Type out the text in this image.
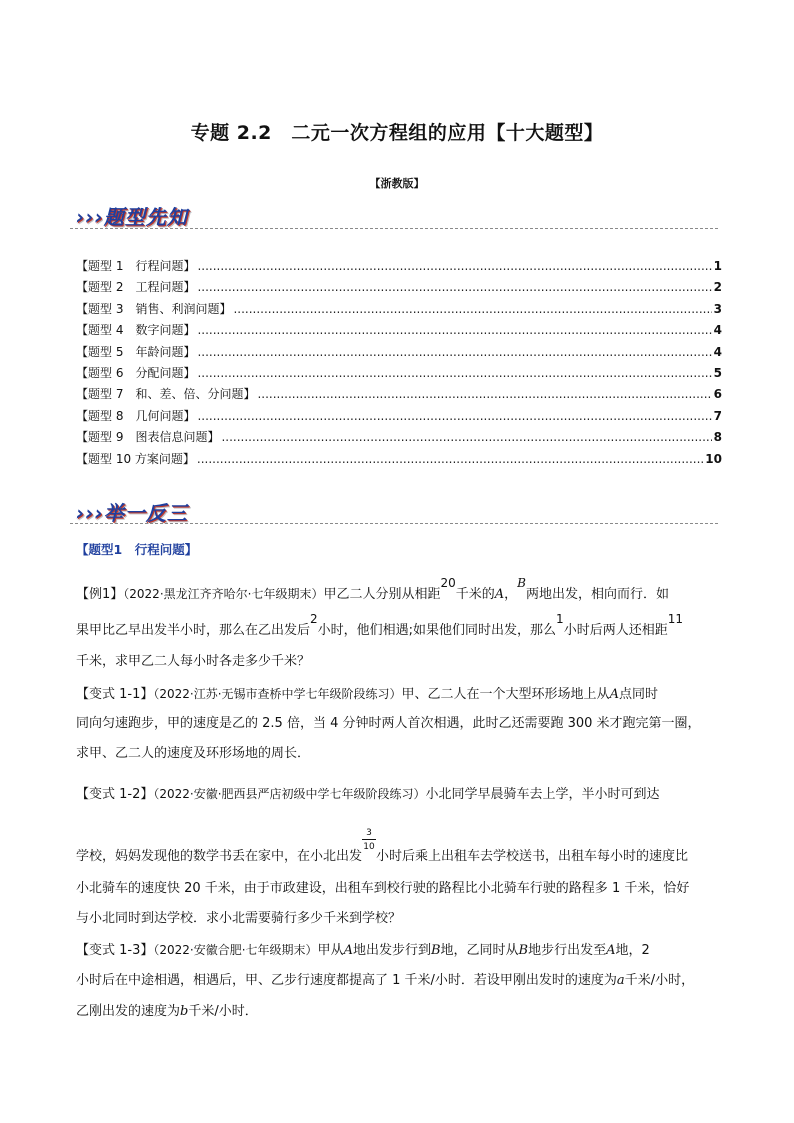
专题 2.2　二元一次方程组的应用【十大题型】
【浙教版】
›››题型先知
【题型 1　行程问题】 .....	1
【题型 2　工程问题】 .....	2
【题型 3　销售、利润问题】 .....	3
【题型 4　数字问题】 .....	4
【题型 5　年龄问题】 .....	4
【题型 6　分配问题】 .....	5
【题型 7　和、差、倍、分问题】 .....	6
【题型 8　几何问题】 .....	7
【题型 9　图表信息问题】 .....	8
【题型 10 方案问题】 .....	10
›››举一反三
【题型1　行程问题】
【例1】（2022·黑龙江齐齐哈尔·七年级期末）甲乙二人分别从相距20千米的A，B两地出发，相向而行．如
果甲比乙早出发半小时，那么在乙出发后2小时，他们相遇;如果他们同时出发，那么1小时后两人还相距11
千米，求甲乙二人每小时各走多少千米？
【变式 1-1】（2022·江苏·无锡市查桥中学七年级阶段练习）甲、乙二人在一个大型环形场地上从A点同时
同向匀速跑步，甲的速度是乙的 2.5 倍，当 4 分钟时两人首次相遇，此时乙还需要跑 300 米才跑完第一圈，
求甲、乙二人的速度及环形场地的周长．
【变式 1-2】（2022·安徽·肥西县严店初级中学七年级阶段练习）小北同学早晨骑车去上学，半小时可到达
学校，妈妈发现他的数学书丢在家中，在小北出发
$\frac{3}{10}$
小时后乘上出租车去学校送书，出租车每小时的速度比
小北骑车的速度快 20 千米，由于市政建设，出租车到校行驶的路程比小北骑车行驶的路程多 1 千米，恰好
与小北同时到达学校．求小北需要骑行多少千米到学校？
【变式 1-3】（2022·安徽合肥·七年级期末）甲从A地出发步行到B地，乙同时从B地步行出发至A地，2
小时后在中途相遇，相遇后，甲、乙步行速度都提高了 1 千米/小时．若设甲刚出发时的速度为a千米/小时，
乙刚出发的速度为b千米/小时．
